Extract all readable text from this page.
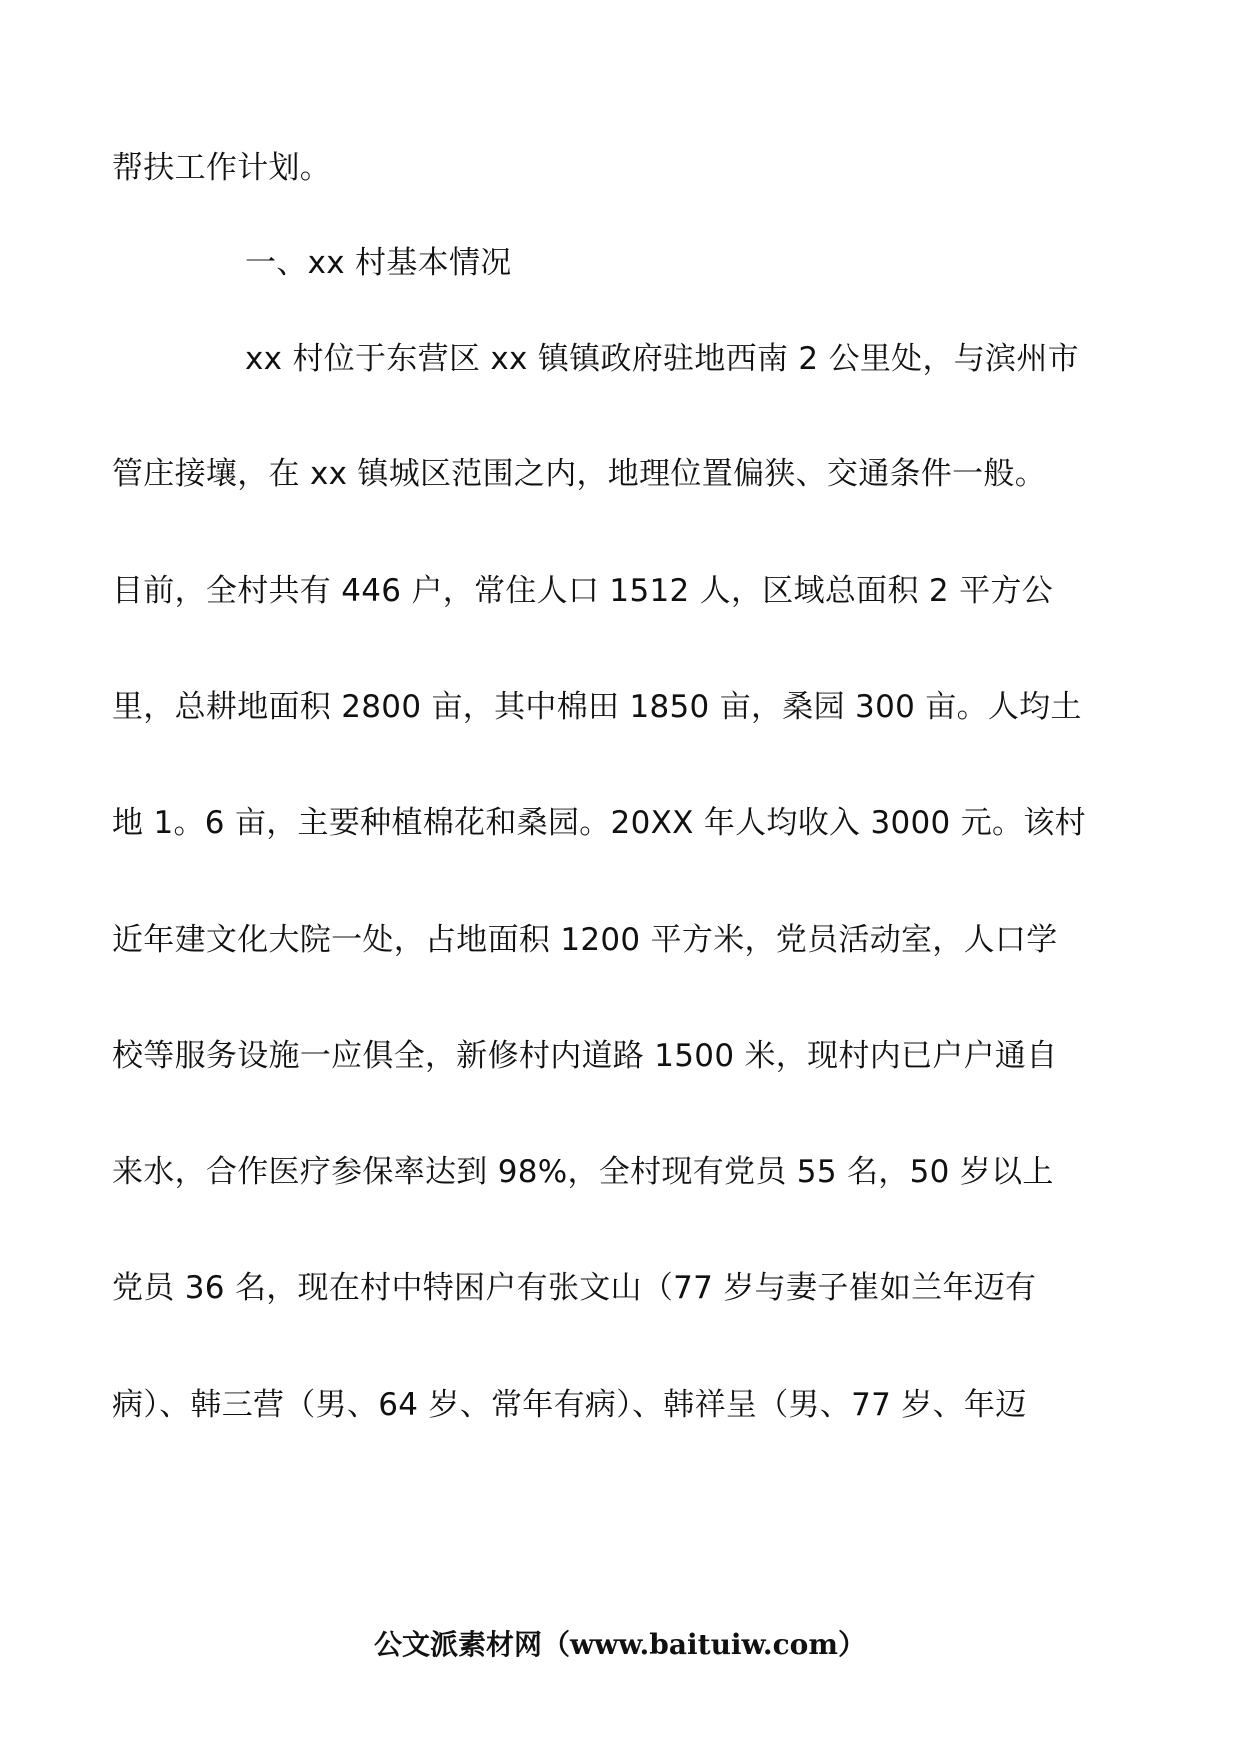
帮扶工作计划。
一、xx 村基本情况
xx 村位于东营区 xx 镇镇政府驻地西南 2 公里处，与滨州市
管庄接壤，在 xx 镇城区范围之内，地理位置偏狭、交通条件一般。
目前，全村共有 446 户，常住人口 1512 人，区域总面积 2 平方公
里，总耕地面积 2800 亩，其中棉田 1850 亩，桑园 300 亩。人均土
地 1。6 亩，主要种植棉花和桑园。20XX 年人均收入 3000 元。该村
近年建文化大院一处，占地面积 1200 平方米，党员活动室，人口学
校等服务设施一应俱全，新修村内道路 1500 米，现村内已户户通自
来水，合作医疗参保率达到 98%，全村现有党员 55 名，50 岁以上
党员 36 名，现在村中特困户有张文山（77 岁与妻子崔如兰年迈有
病）、韩三营（男、64 岁、常年有病）、韩祥呈（男、77 岁、年迈
公文派素材网（www.baituiw.com）
